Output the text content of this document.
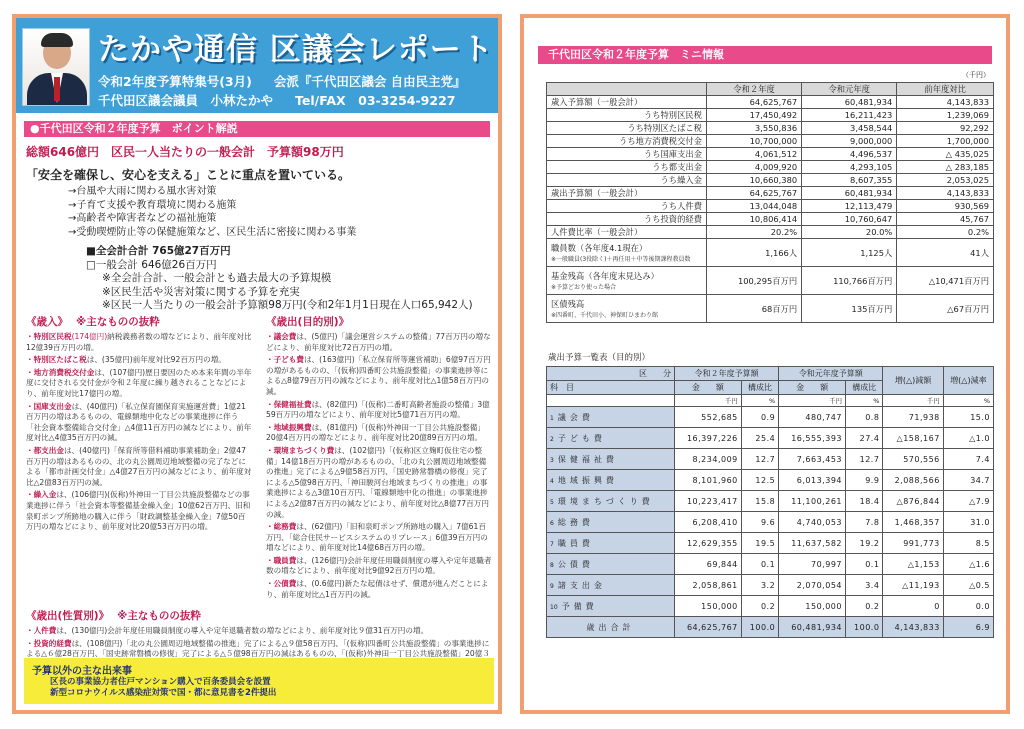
たかや通信 区議会レポート
令和2年度予算特集号(3月) 会派『千代田区議会 自由民主党』
千代田区議会議員　小林たかや Tel/FAX　03-3254-9227
●千代田区令和２年度予算　ポイント解説
総額646億円　区民一人当たりの一般会計　予算額98万円
「安全を確保し、安心を支える」ことに重点を置いている。
→台風や大雨に関わる風水害対策
→子育て支援や教育環境に関わる施策
→高齢者や障害者などの福祉施策
→受動喫煙防止等の保健施策など、区民生活に密接に関わる事業
■全会計合計 765億27百万円
□一般会計 646億26百万円
※全会計合計、一般会計とも過去最大の予算規模
※区民生活や災害対策に関する予算を充実
※区民一人当たりの一般会計予算額98万円(令和2年1月1日現在人口65,942人)
《歳入》 ※主なものの抜粋
・特別区民税(174億円)納税義務者数の増などにより、前年度対比12億39百万円の増。
・特別区たばこ税は、(35億円)前年度対比92百万円の増。
・地方消費税交付金は、(107億円)歴日要因のため本来年間の半年度に交付される交付金が令和２年度に繰り越されることなどにより、前年度対比17億円の増。
・国庫支出金は、(40億円)「私立保育園保育実施運営費」1億21百万円の増はあるものの、電線類地中化などの事業進捗に伴う「社会資本整備総合交付金」△4億11百万円の減などにより、前年度対比△4億35百万円の減。
・都支出金は、(40億円)「保育所等借料補助事業補助金」2億47百万円の増はあるものの、北の丸公園周辺地域整備の完了などによる「都市計画交付金」△4億27百万円の減などにより、前年度対比△2億83百万円の減。
・繰入金は、(106億円)(仮称)外神田一丁目公共施設整備などの事業進捗に伴う「社会資本等整備基金繰入金」10億62百万円、旧和泉町ポンプ所跡地の購入に伴う「財政調整基金繰入金」7億50百万円の増などにより、前年度対比20億53百万円の増。
《歳出(目的別)》
・議会費は、(5億円)「議会運営システムの整備」77百万円の増などにより、前年度対比72百万円の増。
・子ども費は、(163億円)「私立保育所等運営補助」6億97百万円の増があるものの、「(仮称)四番町公共施設整備」の事業進捗等による△8億79百万円の減などにより、前年度対比△1億58百万円の減。
・保健福祉費は、(82億円)「(仮称)二番町高齢者施設の整備」3億59百万円の増などにより、前年度対比5億71百万円の増。
・地域振興費は、(81億円)「(仮称)外神田一丁目公共施設整備」20億4百万円の増などにより、前年度対比20億89百万円の増。
・環境まちづくり費は、(102億円)「(仮称)区立麹町仮住宅の整備」14億18百万円の増があるものの、「北の丸公園周辺地域整備の推進」完了による△9億58百万円、「国史跡常磐橋の修復」完了による△5億98百万円、「神田駿河台地域まちづくりの推進」の事業進捗による△3億10百万円、「電線類地中化の推進」の事業進捗による△2億87百万円の減などにより、前年度対比△8億77百万円の減。
・総務費は、(62億円)「旧和泉町ポンプ所跡地の購入」7億61百万円、「総合住民サービスシステムのリプレース」6億39百万円の増などにより、前年度対比14億68百万円の増。
・職員費は、(126億円)会計年度任用職員制度の導入や定年退職者数の増などにより、前年度対比9億92百万円の増。
・公債費は、(0.6億円)新たな起債はせず、償還が進んだことにより、前年度対比△1百万円の減。
《歳出(性質別)》 ※主なものの抜粋
・人件費は、(130億円)会計年度任用職員制度の導入や定年退職者数の増などにより、前年度対比９億31百万円の増。
・投資的経費は、(108億円)「北の丸公園周辺地域整備の推進」完了による△９億58百万円、「(仮称)四番町公共施設整備」の事業進捗による△６億28百万円、「国史跡常磐橋の修復」完了による△５億98百万円の減はあるものの、「(仮称)外神田一丁目公共施設整備」20億３
予算以外の主な出来事
区長の事業協力者住戸マンション購入で百条委員会を設置
新型コロナウイルス感染症対策で国・都に意見書を2件提出
千代田区令和２年度予算　ミニ情報
（千円）
	令和２年度	令和元年度	前年度対比
歳入予算額（一般会計）	64,625,767	60,481,934	4,143,833
うち特別区民税	17,450,492	16,211,423	1,239,069
うち特別区たばこ税	3,550,836	3,458,544	92,292
うち地方消費税交付金	10,700,000	9,000,000	1,700,000
うち国庫支出金	4,061,512	4,496,537	△ 435,025
うち都支出金	4,009,920	4,293,105	△ 283,185
うち繰入金	10,660,380	8,607,355	2,053,025
歳出予算額（一般会計）	64,625,767	60,481,934	4,143,833
うち人件費	13,044,048	12,113,479	930,569
うち投資的経費	10,806,414	10,760,647	45,767
人件費比率（一般会計）	20.2%	20.0%	0.2%
職員数（各年度4.1現在）
※一般職員(3役除く)＋再任用＋中等後期課程教員数	1,166人	1,125人	41人
基金残高（各年度末見込み）
※予算どおり使った場合	100,295百万円	110,766百万円	△10,471百万円
区債残高
※四番町、千代田小、神保町ひまわり館	68百万円	135百万円	△67百万円
歳出予算一覧表（目的別）
区　　分	令和２年度予算額		令和元年度予算額		増(△)減額	増(△)減率
科　目	金　　額	構成比	金　　額	構成比		
	千円	%	千円	%	千円	%
1 議会費	552,685	0.9	480,747	0.8	71,938	15.0
2 子ども費	16,397,226	25.4	16,555,393	27.4	△158,167	△1.0
3 保健福祉費	8,234,009	12.7	7,663,453	12.7	570,556	7.4
4 地域振興費	8,101,960	12.5	6,013,394	9.9	2,088,566	34.7
5 環境まちづくり費	10,223,417	15.8	11,100,261	18.4	△876,844	△7.9
6 総務費	6,208,410	9.6	4,740,053	7.8	1,468,357	31.0
7 職員費	12,629,355	19.5	11,637,582	19.2	991,773	8.5
8 公債費	69,844	0.1	70,997	0.1	△1,153	△1.6
9 諸支出金	2,058,861	3.2	2,070,054	3.4	△11,193	△0.5
10 予備費	150,000	0.2	150,000	0.2	0	0.0
歳出合計	64,625,767	100.0	60,481,934	100.0	4,143,833	6.9
